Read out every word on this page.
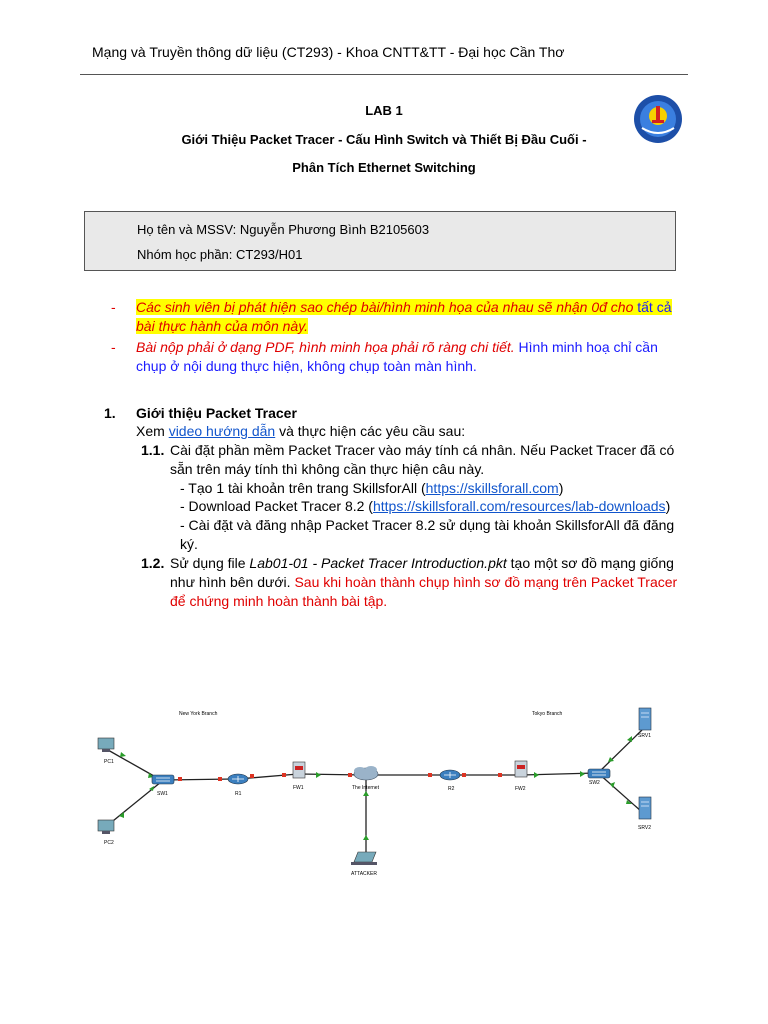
Mạng và Truyền thông dữ liệu (CT293) - Khoa CNTT&TT - Đại học Cần Thơ
LAB 1
Giới Thiệu Packet Tracer - Cấu Hình Switch và Thiết Bị Đầu Cuối -
Phân Tích Ethernet Switching
Họ tên và MSSV: Nguyễn Phương Bình B2105603
Nhóm học phần: CT293/H01
- Các sinh viên bị phát hiện sao chép bài/hình minh họa của nhau sẽ nhận 0đ cho tất cả
bài thực hành của môn này.
- Bài nộp phải ở dạng PDF, hình minh họa phải rõ ràng chi tiết. Hình minh hoạ chỉ cần
chụp ở nội dung thực hiện, không chụp toàn màn hình.
1. Giới thiệu Packet Tracer
Xem video hướng dẫn và thực hiện các yêu cầu sau:
1.1. Cài đặt phần mềm Packet Tracer vào máy tính cá nhân. Nếu Packet Tracer đã có
sẵn trên máy tính thì không cần thực hiện câu này.
- Tạo 1 tài khoản trên trang SkillsforAll (https://skillsforall.com)
- Download Packet Tracer 8.2 (https://skillsforall.com/resources/lab-downloads)
- Cài đặt và đăng nhập Packet Tracer 8.2 sử dụng tài khoản SkillsforAll đã đăng
ký.
1.2. Sử dụng file Lab01-01 - Packet Tracer Introduction.pkt tạo một sơ đồ mạng giống
như hình bên dưới. Sau khi hoàn thành chụp hình sơ đồ mạng trên Packet Tracer
để chứng minh hoàn thành bài tập.
New York Branch	Tokyo Branch
PC1
PC2
SW1	R1
FW1	The Internet	R2	FW2
SW2
SRV1
SRV2
ATTACKER
